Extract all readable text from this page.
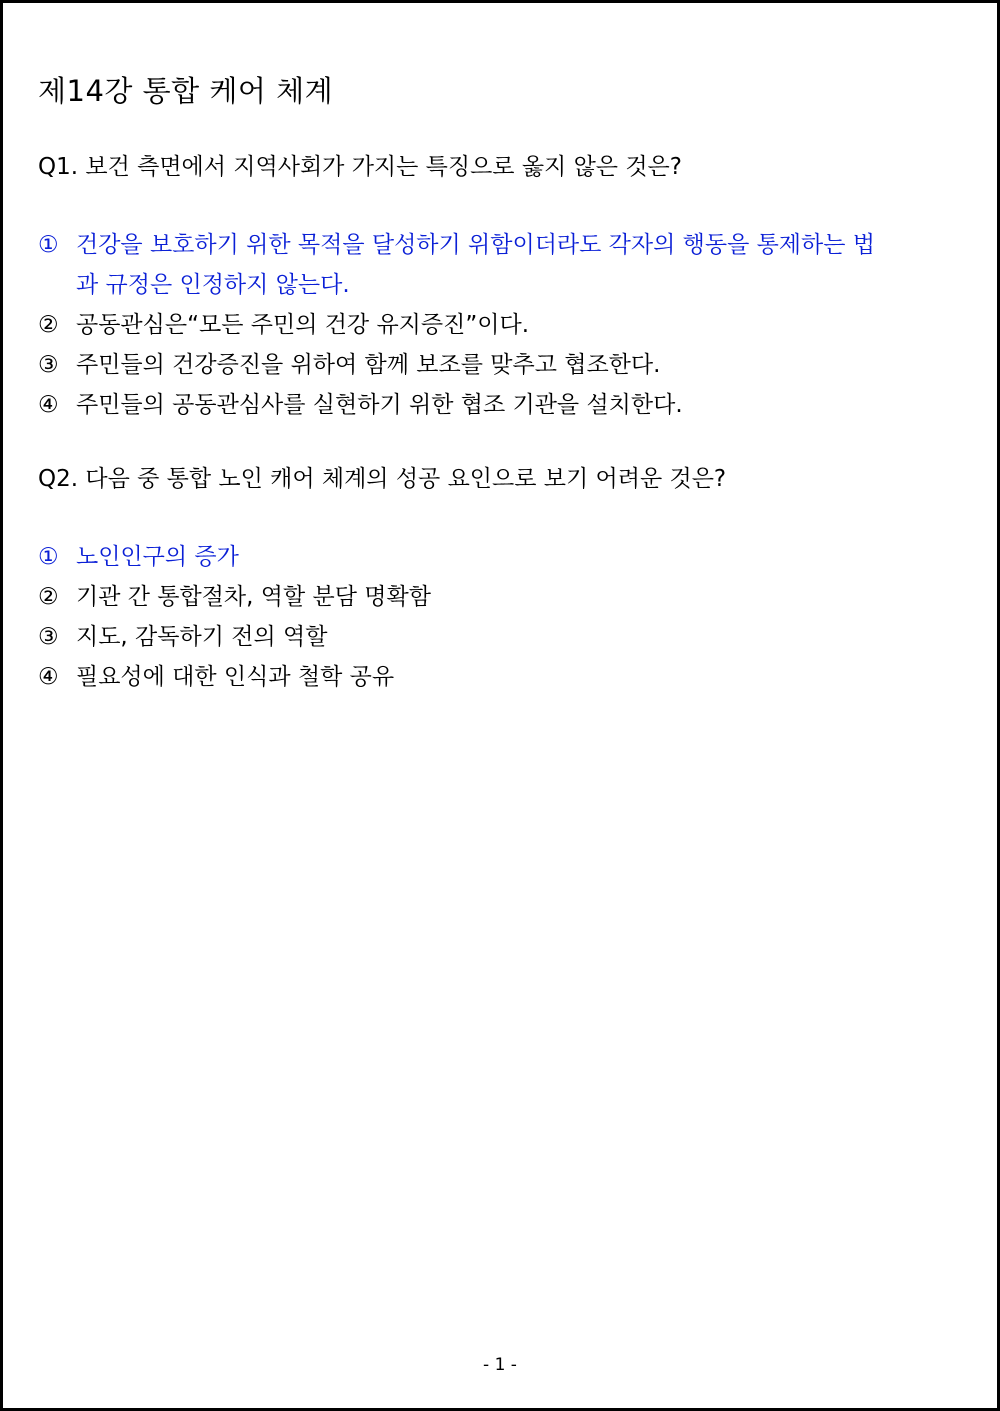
제14강 통합 케어 체계

Q1. 보건 측면에서 지역사회가 가지는 특징으로 옳지 않은 것은?

① 건강을 보호하기 위한 목적을 달성하기 위함이더라도 각자의 행동을 통제하는 법과 규정은 인정하지 않는다.
② 공동관심은“모든 주민의 건강 유지증진”이다.
③ 주민들의 건강증진을 위하여 함께 보조를 맞추고 협조한다.
④ 주민들의 공동관심사를 실현하기 위한 협조 기관을 설치한다.

Q2. 다음 중 통합 노인 캐어 체계의 성공 요인으로 보기 어려운 것은?

① 노인인구의 증가
② 기관 간 통합절차, 역할 분담 명확함
③ 지도, 감독하기 전의 역할
④ 필요성에 대한 인식과 철학 공유
- 1 -
